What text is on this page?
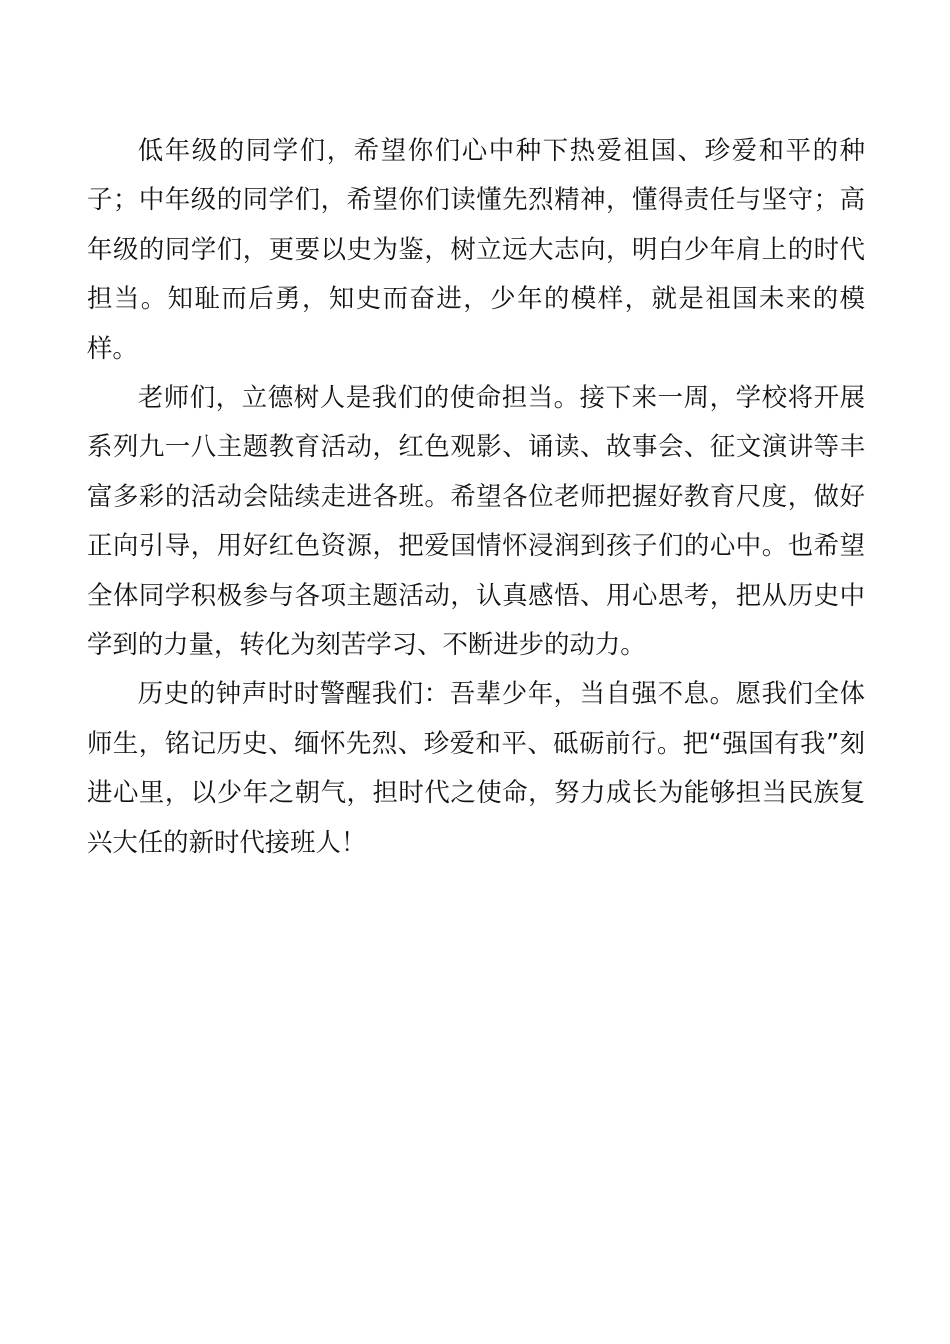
低年级的同学们，希望你们心中种下热爱祖国、珍爱和平的种子；中年级的同学们，希望你们读懂先烈精神，懂得责任与坚守；高年级的同学们，更要以史为鉴，树立远大志向，明白少年肩上的时代担当。知耻而后勇，知史而奋进，少年的模样，就是祖国未来的模样。

老师们，立德树人是我们的使命担当。接下来一周，学校将开展系列九一八主题教育活动，红色观影、诵读、故事会、征文演讲等丰富多彩的活动会陆续走进各班。希望各位老师把握好教育尺度，做好正向引导，用好红色资源，把爱国情怀浸润到孩子们的心中。也希望全体同学积极参与各项主题活动，认真感悟、用心思考，把从历史中学到的力量，转化为刻苦学习、不断进步的动力。

历史的钟声时时警醒我们：吾辈少年，当自强不息。愿我们全体师生，铭记历史、缅怀先烈、珍爱和平、砥砺前行。把“强国有我”刻进心里，以少年之朝气，担时代之使命，努力成长为能够担当民族复兴大任的新时代接班人！
